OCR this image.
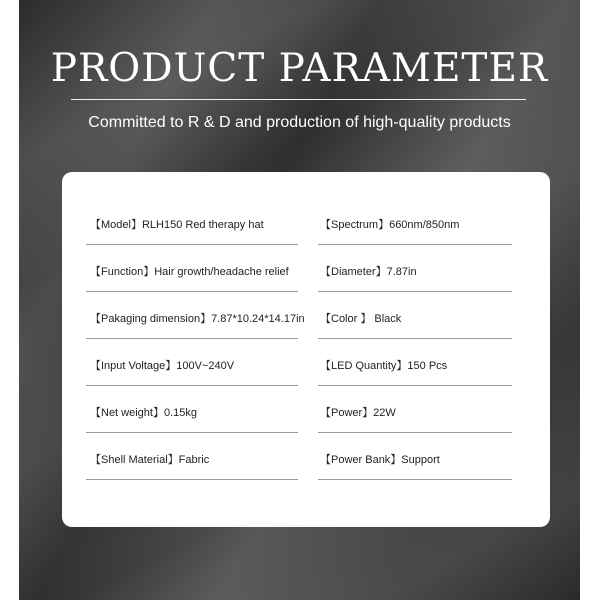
PRODUCT PARAMETER
Committed to R & D and production of high-quality products
【Model】RLH150 Red therapy hat	【Spectrum】660nm/850nm
【Function】Hair growth/headache relief	【Diameter】7.87in
【Pakaging dimension】7.87*10.24*14.17in 【Color 】 Black
【Input Voltage】100V~240V	【LED Quantity】150 Pcs
【Net weight】0.15kg	【Power】22W
【Shell Material】Fabric	【Power Bank】Support
